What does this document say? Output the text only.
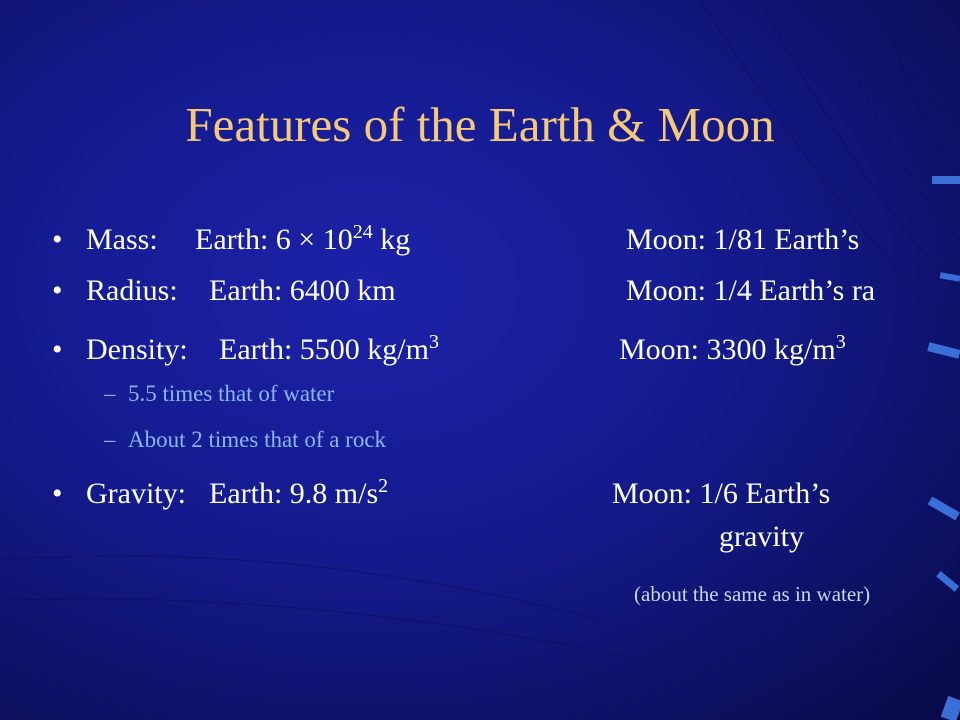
Features of the Earth & Moon
• Mass: Earth: $6 \times 10^{24}$ kg	Moon: 1/81 Earth’s
• Radius: Earth: 6400 km	Moon: 1/4 Earth’s ra
• Density: Earth: 5500 $kg/m^3$	Moon: 3300 $kg/m^3$
– 5.5 times that of water
– About 2 times that of a rock
• Gravity: Earth: 9.8 $m/s^2$	Moon: 1/6 Earth’s
gravity
(about the same as in water)
